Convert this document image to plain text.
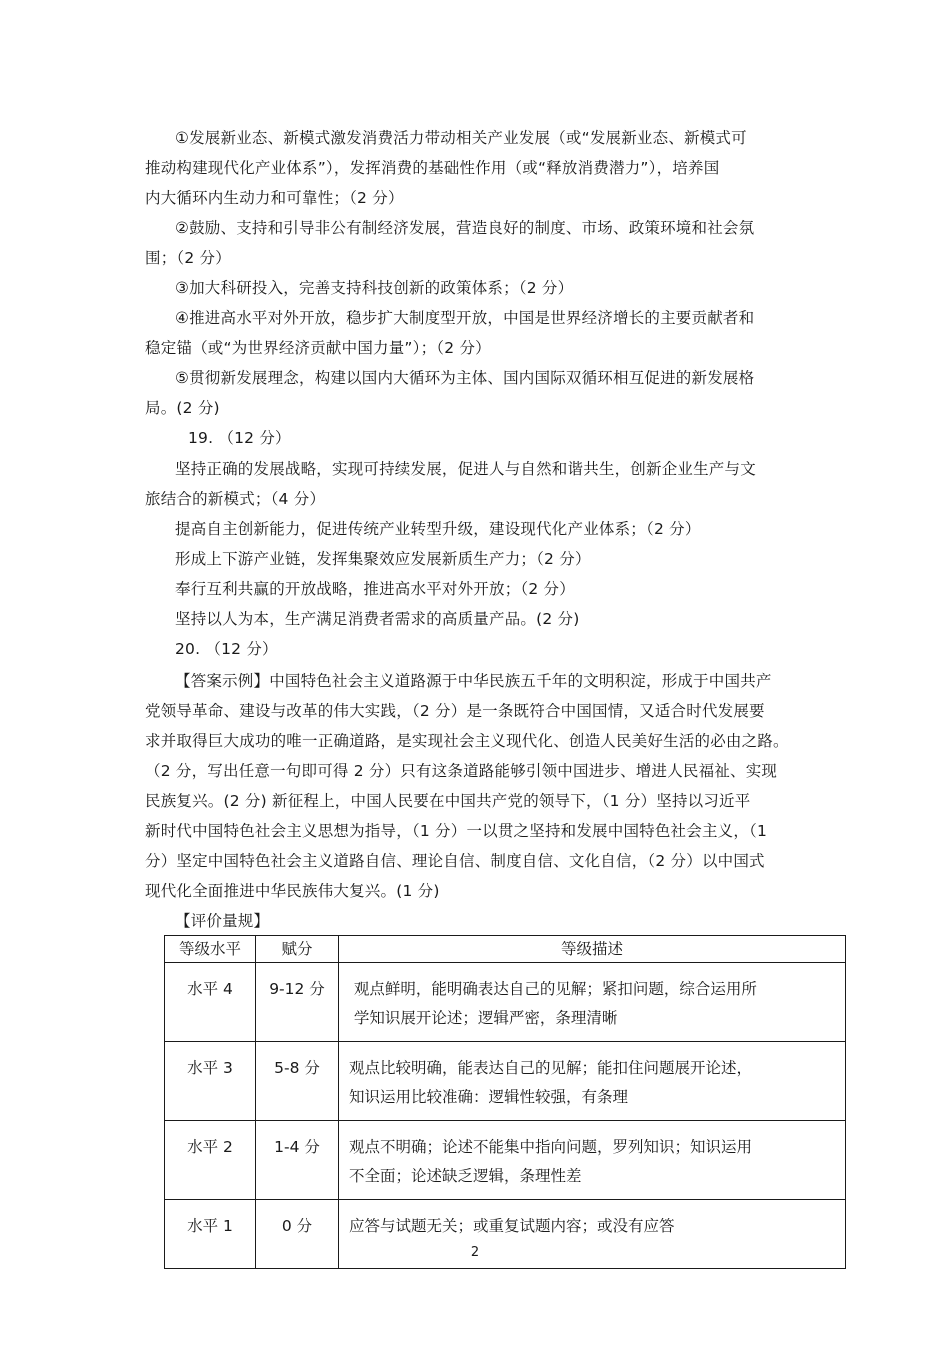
①发展新业态、新模式激发消费活力带动相关产业发展（或“发展新业态、新模式可
推动构建现代化产业体系”），发挥消费的基础性作用（或“释放消费潜力”），培养国
内大循环内生动力和可靠性；（2 分）
②鼓励、支持和引导非公有制经济发展，营造良好的制度、市场、政策环境和社会氛
围；（2 分）
③加大科研投入，完善支持科技创新的政策体系；（2 分）
④推进高水平对外开放，稳步扩大制度型开放，中国是世界经济增长的主要贡献者和
稳定锚（或“为世界经济贡献中国力量”）；（2 分）
⑤贯彻新发展理念，构建以国内大循环为主体、国内国际双循环相互促进的新发展格
局。(2 分)
19. （12 分）
坚持正确的发展战略，实现可持续发展，促进人与自然和谐共生，创新企业生产与文
旅结合的新模式；（4 分）
提高自主创新能力，促进传统产业转型升级，建设现代化产业体系；（2 分）
形成上下游产业链，发挥集聚效应发展新质生产力；（2 分）
奉行互利共赢的开放战略，推进高水平对外开放；（2 分）
坚持以人为本，生产满足消费者需求的高质量产品。(2 分)
20. （12 分）
【答案示例】中国特色社会主义道路源于中华民族五千年的文明积淀，形成于中国共产
党领导革命、建设与改革的伟大实践，（2 分）是一条既符合中国国情，又适合时代发展要
求并取得巨大成功的唯一正确道路，是实现社会主义现代化、创造人民美好生活的必由之路。
（2 分，写出任意一句即可得 2 分）只有这条道路能够引领中国进步、增进人民福祉、实现
民族复兴。(2 分) 新征程上，中国人民要在中国共产党的领导下，（1 分）坚持以习近平
新时代中国特色社会主义思想为指导，（1 分）一以贯之坚持和发展中国特色社会主义，（1
分）坚定中国特色社会主义道路自信、理论自信、制度自信、文化自信，（2 分）以中国式
现代化全面推进中华民族伟大复兴。(1 分)
【评价量规】
等级水平	赋分	等级描述
水平 4	9-12 分	观点鲜明，能明确表达自己的见解；紧扣问题，综合运用所
学知识展开论述；逻辑严密，条理清晰

水平 3	5-8 分	观点比较明确，能表达自己的见解；能扣住问题展开论述，
知识运用比较准确：逻辑性较强，有条理

水平 2	1-4 分	观点不明确；论述不能集中指向问题，罗列知识；知识运用
不全面；论述缺乏逻辑，条理性差

水平 1	0 分	应答与试题无关；或重复试题内容；或没有应答
2
